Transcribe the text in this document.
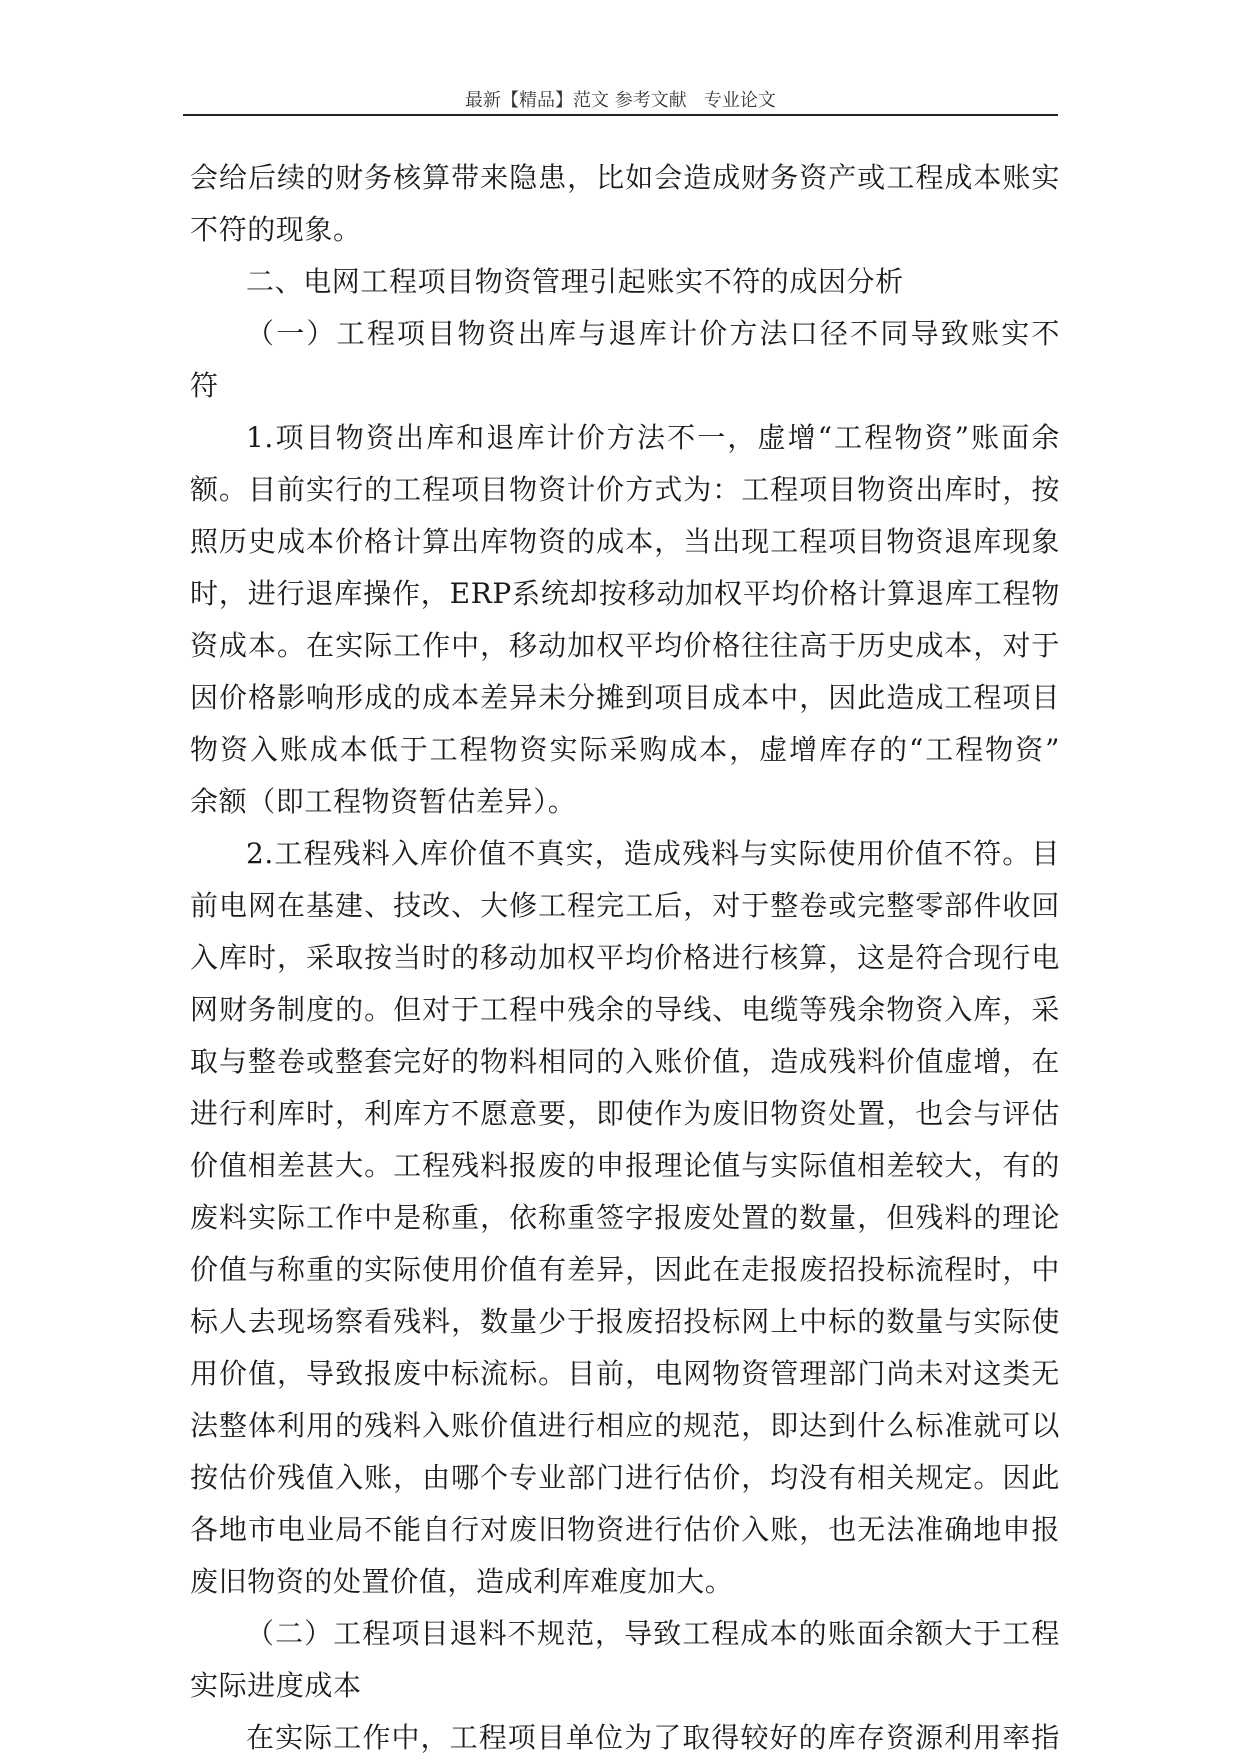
最新【精品】范文 参考文献   专业论文
会给后续的财务核算带来隐患，比如会造成财务资产或工程成本账实
不符的现象。
二、电网工程项目物资管理引起账实不符的成因分析
（一）工程项目物资出库与退库计价方法口径不同导致账实不
符
1.项目物资出库和退库计价方法不一，虚增“工程物资”账面余
额。目前实行的工程项目物资计价方式为：工程项目物资出库时，按
照历史成本价格计算出库物资的成本，当出现工程项目物资退库现象
时，进行退库操作，ERP系统却按移动加权平均价格计算退库工程物
资成本。在实际工作中，移动加权平均价格往往高于历史成本，对于
因价格影响形成的成本差异未分摊到项目成本中，因此造成工程项目
物资入账成本低于工程物资实际采购成本，虚增库存的“工程物资”
余额（即工程物资暂估差异）。
2.工程残料入库价值不真实，造成残料与实际使用价值不符。目
前电网在基建、技改、大修工程完工后，对于整卷或完整零部件收回
入库时，采取按当时的移动加权平均价格进行核算，这是符合现行电
网财务制度的。但对于工程中残余的导线、电缆等残余物资入库，采
取与整卷或整套完好的物料相同的入账价值，造成残料价值虚增，在
进行利库时，利库方不愿意要，即使作为废旧物资处置，也会与评估
价值相差甚大。工程残料报废的申报理论值与实际值相差较大，有的
废料实际工作中是称重，依称重签字报废处置的数量，但残料的理论
价值与称重的实际使用价值有差异，因此在走报废招投标流程时，中
标人去现场察看残料，数量少于报废招投标网上中标的数量与实际使
用价值，导致报废中标流标。目前，电网物资管理部门尚未对这类无
法整体利用的残料入账价值进行相应的规范，即达到什么标准就可以
按估价残值入账，由哪个专业部门进行估价，均没有相关规定。因此
各地市电业局不能自行对废旧物资进行估价入账，也无法准确地申报
废旧物资的处置价值，造成利库难度加大。
（二）工程项目退料不规范，导致工程成本的账面余额大于工程
实际进度成本
在实际工作中，工程项目单位为了取得较好的库存资源利用率指
